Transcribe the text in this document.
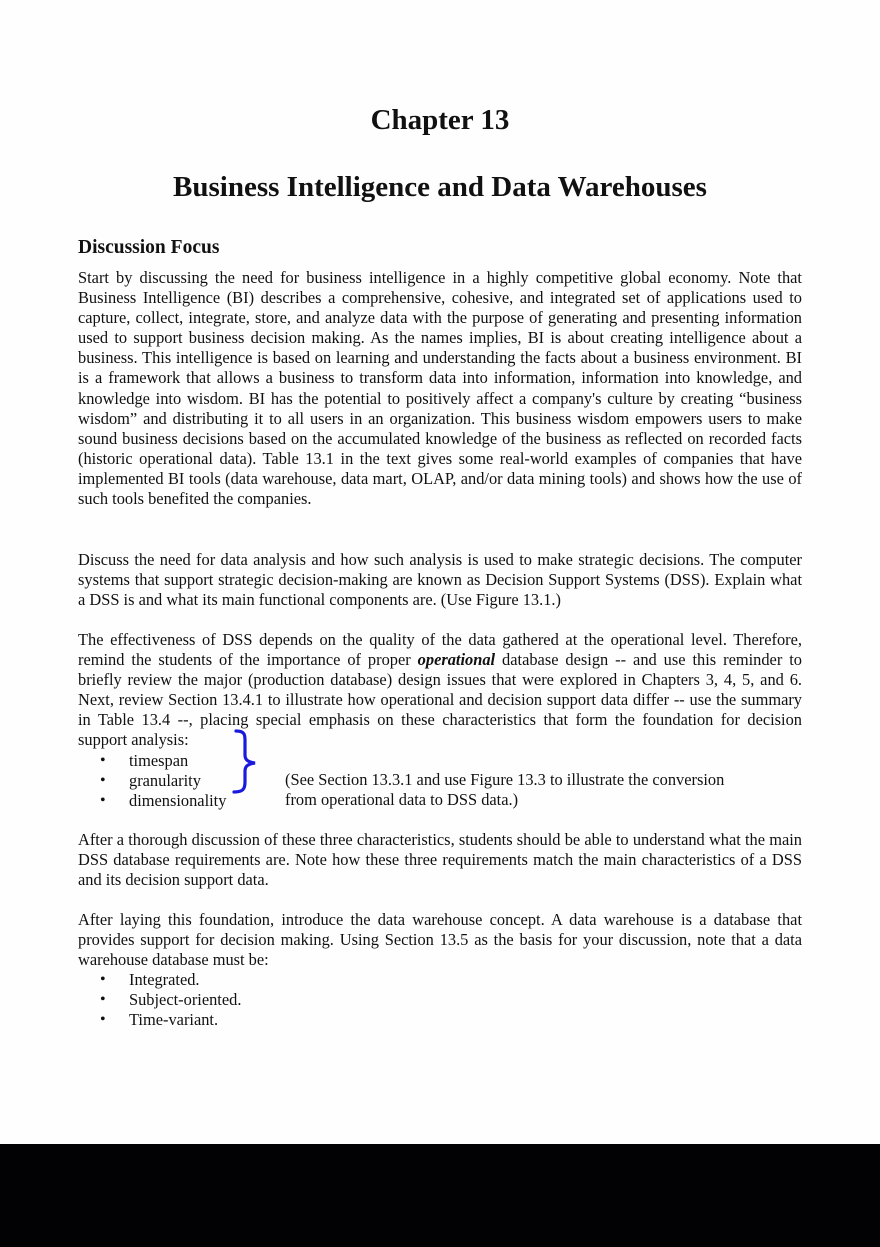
Chapter 13
Business Intelligence and Data Warehouses
Discussion Focus

Start by discussing the need for business intelligence in a highly competitive global economy. Note that Business Intelligence (BI) describes a comprehensive, cohesive, and integrated set of applications used to capture, collect, integrate, store, and analyze data with the purpose of generating and presenting information used to support business decision making. As the names implies, BI is about creating intelligence about a business. This intelligence is based on learning and understanding the facts about a business environment. BI is a framework that allows a business to transform data into information, information into knowledge, and knowledge into wisdom. BI has the potential to positively affect a company's culture by creating “business wisdom” and distributing it to all users in an organization. This business wisdom empowers users to make sound business decisions based on the accumulated knowledge of the business as reflected on recorded facts (historic operational data). Table 13.1 in the text gives some real-world examples of companies that have implemented BI tools (data warehouse, data mart, OLAP, and/or data mining tools) and shows how the use of such tools benefited the companies.

Discuss the need for data analysis and how such analysis is used to make strategic decisions. The computer systems that support strategic decision-making are known as Decision Support Systems (DSS). Explain what a DSS is and what its main functional components are. (Use Figure 13.1.)

The effectiveness of DSS depends on the quality of the data gathered at the operational level. Therefore, remind the students of the importance of proper operational database design -- and use this reminder to briefly review the major (production database) design issues that were explored in Chapters 3, 4, 5, and 6. Next, review Section 13.4.1 to illustrate how operational and decision support data differ -- use the summary in Table 13.4 --, placing special emphasis on these characteristics that form the foundation for decision support analysis:

• timespan
• granularity
• dimensionality
(See Section 13.3.1 and use Figure 13.3 to illustrate the conversion
from operational data to DSS data.)

After a thorough discussion of these three characteristics, students should be able to understand what the main DSS database requirements are. Note how these three requirements match the main characteristics of a DSS and its decision support data.

After laying this foundation, introduce the data warehouse concept. A data warehouse is a database that provides support for decision making. Using Section 13.5 as the basis for your discussion, note that a data warehouse database must be:

• Integrated.
• Subject-oriented.
• Time-variant.
